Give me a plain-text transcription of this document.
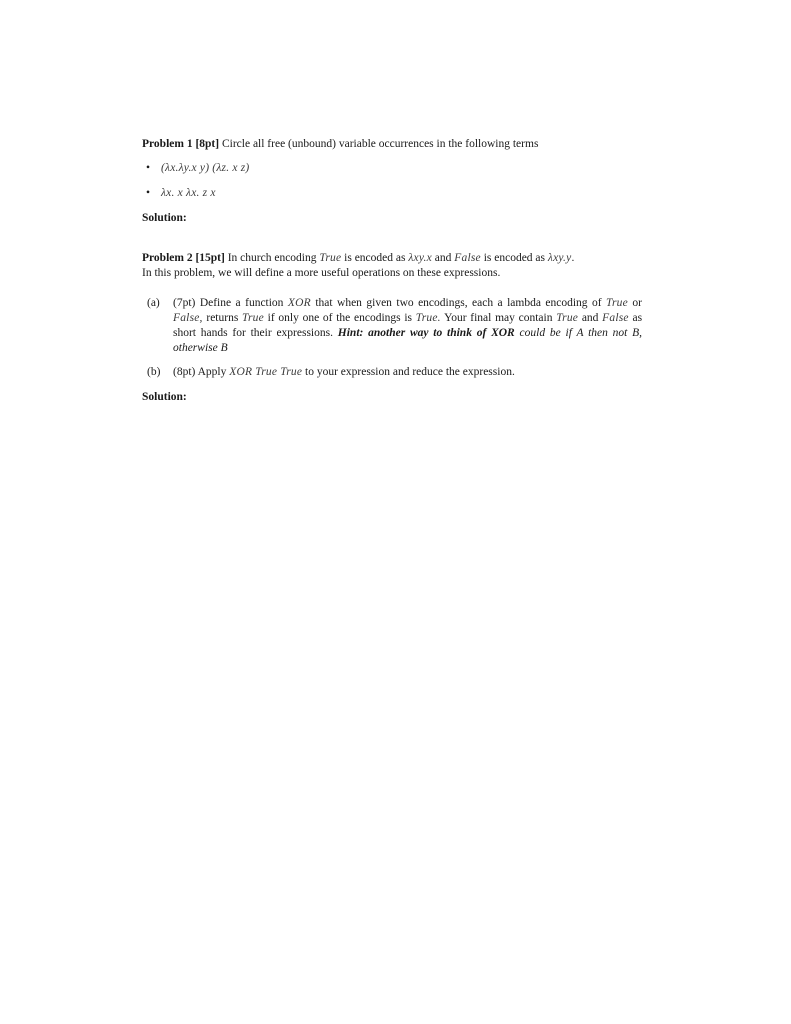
Problem 1 [8pt] Circle all free (unbound) variable occurrences in the following terms

• (λx.λy.x y) (λz. x z)
• λx. x λx. z x

Solution:

Problem 2 [15pt] In church encoding True is encoded as λxy.x and False is encoded as λxy.y.
In this problem, we will define a more useful operations on these expressions.

(a) (7pt) Define a function XOR that when given two encodings, each a lambda encoding of True or False, returns True if only one of the encodings is True. Your final may contain True and False as short hands for their expressions. Hint: another way to think of XOR could be if A then not B, otherwise B
(b) (8pt) Apply XOR True True to your expression and reduce the expression.

Solution:
